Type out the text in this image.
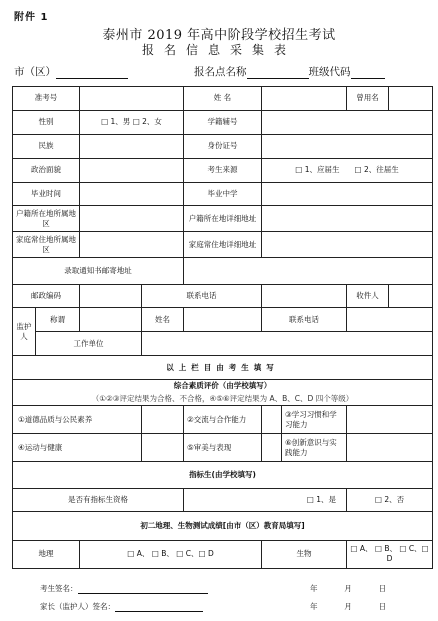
附件 1
泰州市 2019 年高中阶段学校招生考试
报名信息采集表
市（区）	报名点名称	班级代码
准考号				姓 名			曾用名	
性别		□ 1、男 □ 2、女		学籍辅号				
民族				身份证号				
政治面貌				考生来源	□ 1、应届生　　□ 2、往届生			
毕业时间				毕业中学				
户籍所在地所属地区				户籍所在地详细地址				
家庭常住地所属地区				家庭常住地详细地址				
录取通知书邮寄地址								
邮政编码			联系电话				收件人	
监护人	称谓		姓名		联系电话			
	工作单位							
以上栏目由考生填写								
综合素质评价（由学校填写）								
（①②③评定结果为合格、不合格，④⑤⑥评定结果为 A、B、C、D 四个等级）								
①道德品质与公民素养				②交流与合作能力		③学习习惯和学习能力		
④运动与健康				⑤审美与表现		⑥创新意识与实践能力		
指标生(由学校填写)								
是否有指标生资格				□ 1、是			□ 2、否	
初二地理、生物测试成绩[由市（区）教育局填写]								
地理		□ A、 □ B、 □ C、□ D			生物		□ A、 □ B、 □ C、□ D	
考生签名：	年	月	日
家长（监护人）签名：	年	月	日
